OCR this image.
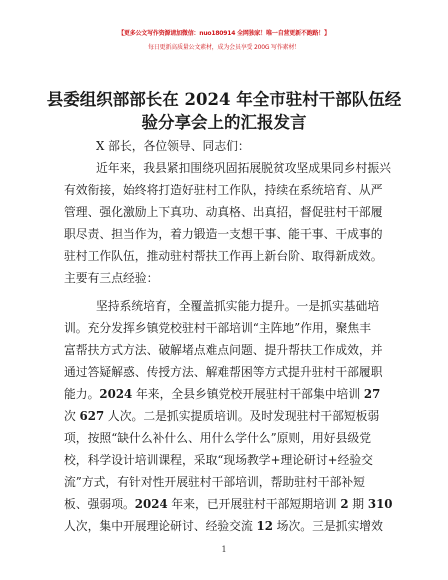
【更多公文写作资源请加微信：nuo180914 全网独家！唯一自营更新不跑路！】
每日更新高质量公文素材，成为会员享受 200G 写作素材！
县委组织部部长在 2024 年全市驻村干部队伍经
验分享会上的汇报发言
X 部长，各位领导、同志们：
近年来，我县紧扣围绕巩固拓展脱贫攻坚成果同乡村振兴
有效衔接，始终将打造好驻村工作队，持续在系统培育、从严
管理、强化激励上下真功、动真格、出真招，督促驻村干部履
职尽责、担当作为，着力锻造一支想干事、能干事、干成事的
驻村工作队伍，推动驻村帮扶工作再上新台阶、取得新成效。
主要有三点经验：
坚持系统培育，全覆盖抓实能力提升。一是抓实基础培
训。充分发挥乡镇党校驻村干部培训“主阵地”作用，聚焦丰
富帮扶方式方法、破解堵点难点问题、提升帮扶工作成效，并
通过答疑解惑、传授方法、解难帮困等方式提升驻村干部履职
能力。2024 年来，全县乡镇党校开展驻村干部集中培训 27
次 627 人次。二是抓实提质培训。及时发现驻村干部短板弱
项，按照“缺什么补什么、用什么学什么”原则，用好县级党
校，科学设计培训课程，采取“现场教学+理论研讨+经验交
流”方式，有针对性开展驻村干部培训，帮助驻村干部补短
板、强弱项。2024 年来，已开展驻村干部短期培训 2 期 310
人次，集中开展理论研讨、经验交流 12 场次。三是抓实增效
1
